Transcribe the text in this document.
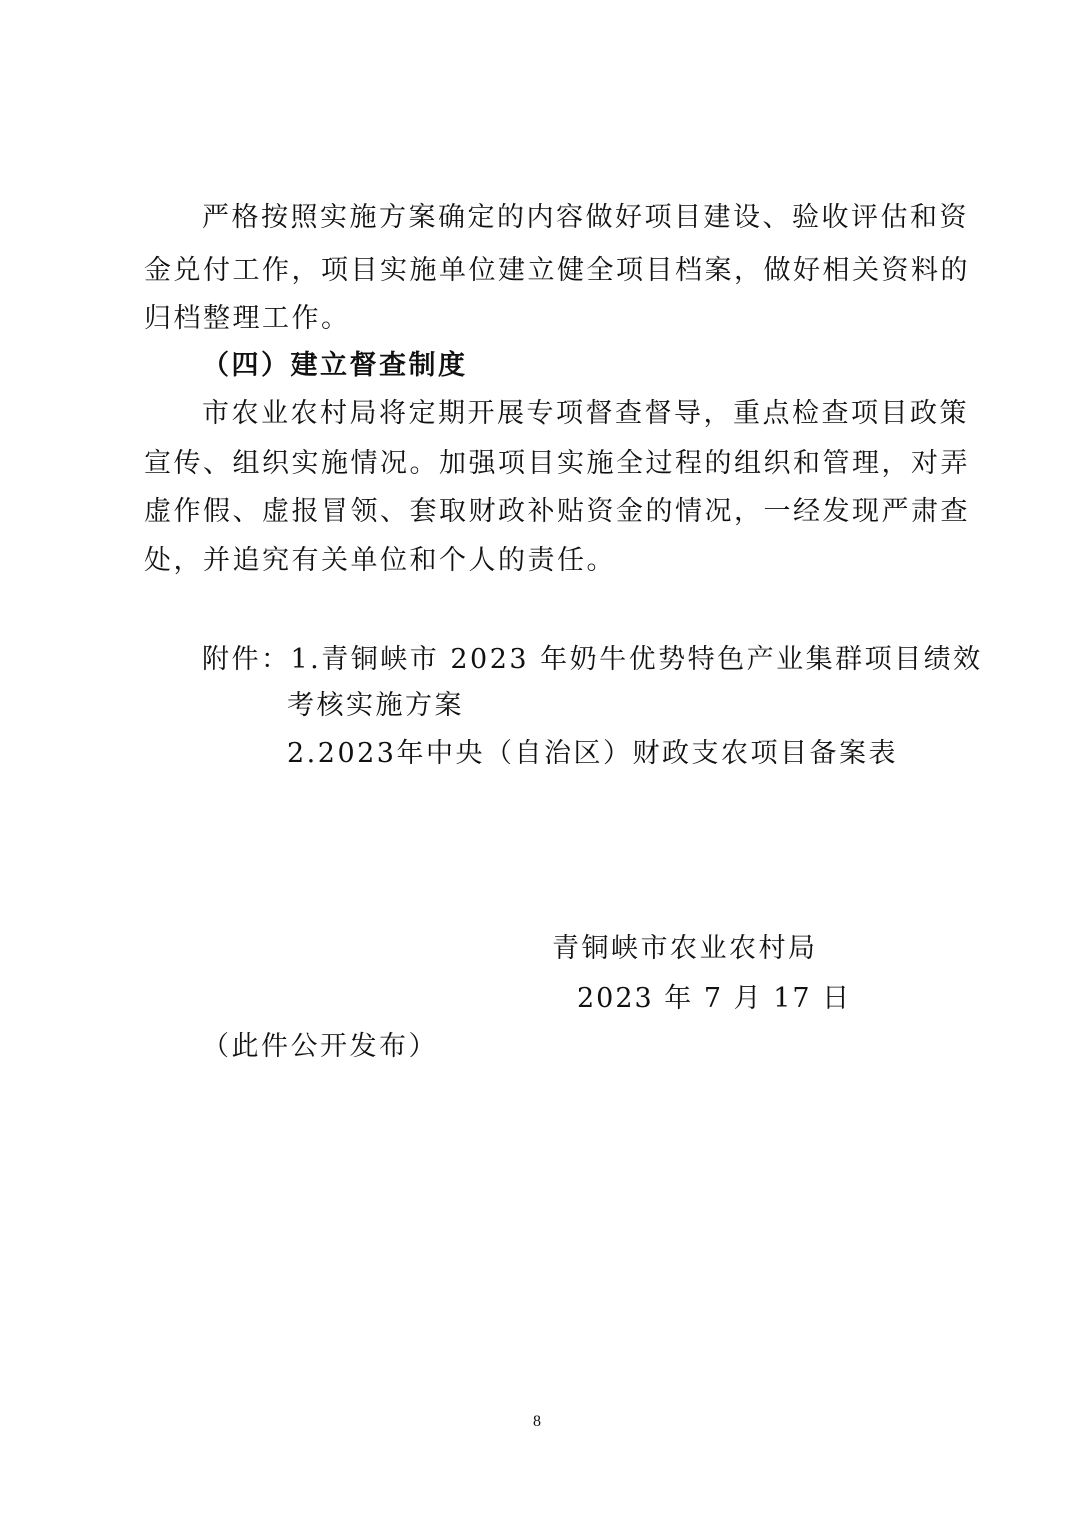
严格按照实施方案确定的内容做好项目建设、验收评估和资
金兑付工作，项目实施单位建立健全项目档案，做好相关资料的
归档整理工作。
（四）建立督查制度
市农业农村局将定期开展专项督查督导，重点检查项目政策
宣传、组织实施情况。加强项目实施全过程的组织和管理，对弄
虚作假、虚报冒领、套取财政补贴资金的情况，一经发现严肃查
处，并追究有关单位和个人的责任。
附件：1.青铜峡市 2023 年奶牛优势特色产业集群项目绩效
考核实施方案
2.2023年中央（自治区）财政支农项目备案表
青铜峡市农业农村局
2023 年 7 月 17 日
（此件公开发布）
8
